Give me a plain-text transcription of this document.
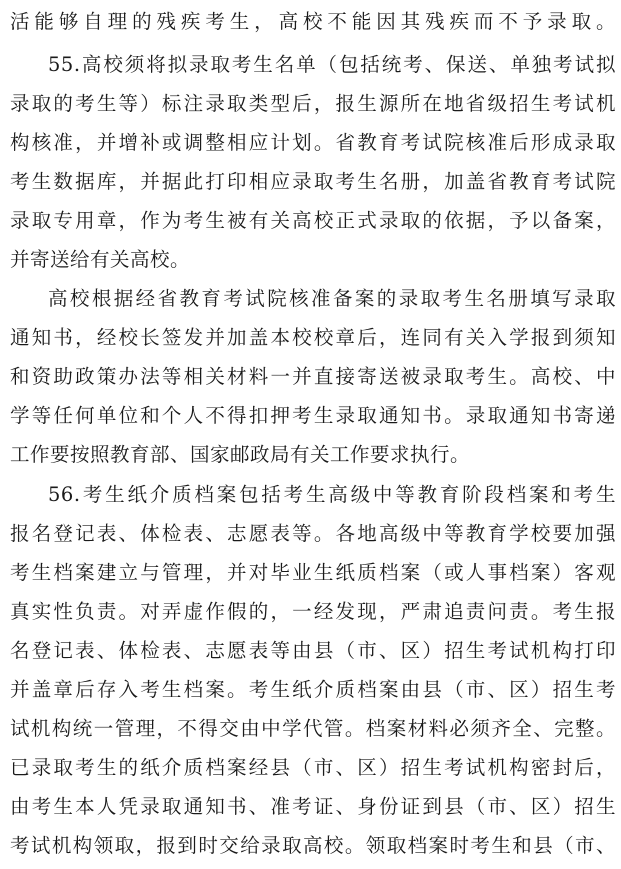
活能够自理的残疾考生，高校不能因其残疾而不予录取。
55.高校须将拟录取考生名单（包括统考、保送、单独考试拟
录取的考生等）标注录取类型后，报生源所在地省级招生考试机
构核准，并增补或调整相应计划。省教育考试院核准后形成录取
考生数据库，并据此打印相应录取考生名册，加盖省教育考试院
录取专用章，作为考生被有关高校正式录取的依据，予以备案，
并寄送给有关高校。
高校根据经省教育考试院核准备案的录取考生名册填写录取
通知书，经校长签发并加盖本校校章后，连同有关入学报到须知
和资助政策办法等相关材料一并直接寄送被录取考生。高校、中
学等任何单位和个人不得扣押考生录取通知书。录取通知书寄递
工作要按照教育部、国家邮政局有关工作要求执行。
56.考生纸介质档案包括考生高级中等教育阶段档案和考生
报名登记表、体检表、志愿表等。各地高级中等教育学校要加强
考生档案建立与管理，并对毕业生纸质档案（或人事档案）客观
真实性负责。对弄虚作假的，一经发现，严肃追责问责。考生报
名登记表、体检表、志愿表等由县（市、区）招生考试机构打印
并盖章后存入考生档案。考生纸介质档案由县（市、区）招生考
试机构统一管理，不得交由中学代管。档案材料必须齐全、完整。
已录取考生的纸介质档案经县（市、区）招生考试机构密封后，
由考生本人凭录取通知书、准考证、身份证到县（市、区）招生
考试机构领取，报到时交给录取高校。领取档案时考生和县（市、
